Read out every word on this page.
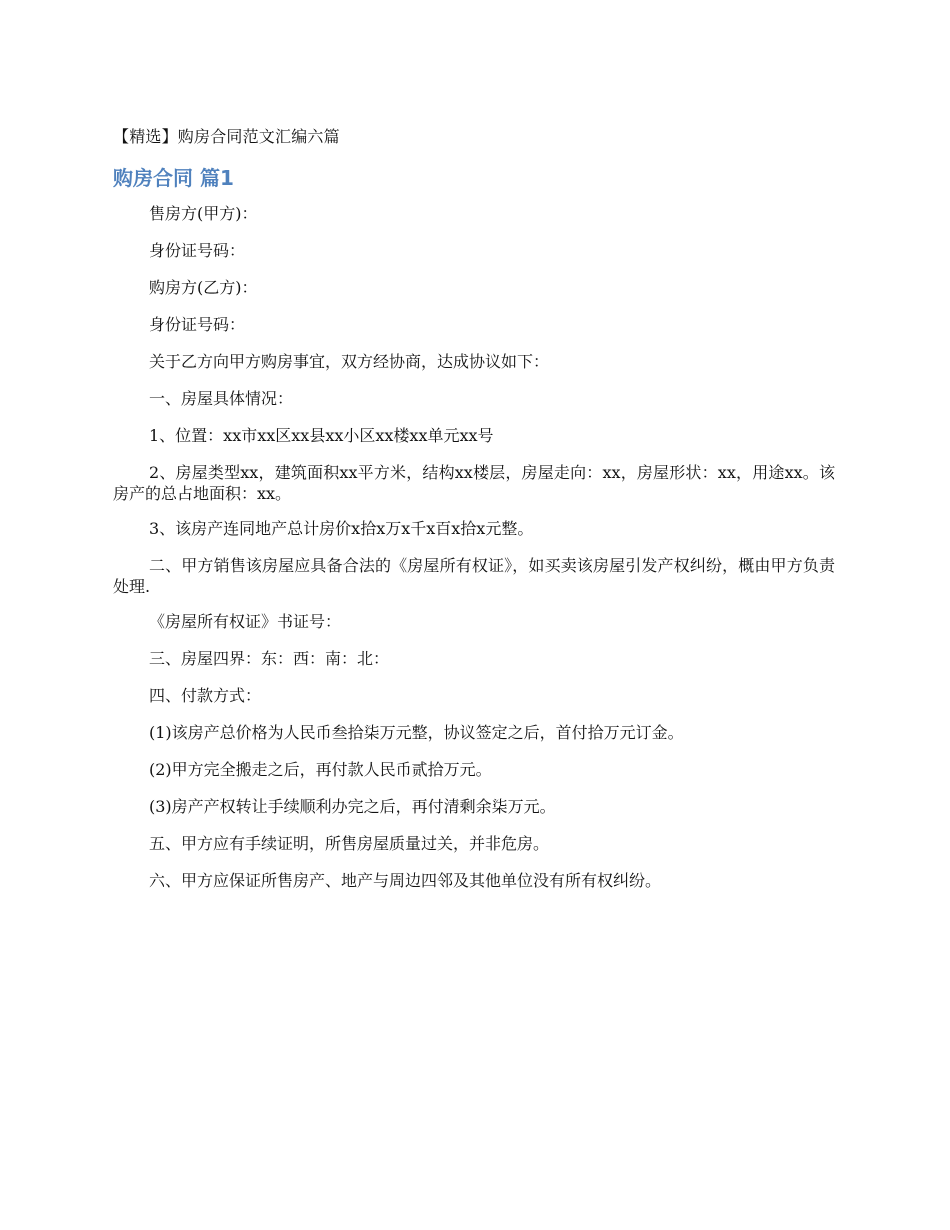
【精选】购房合同范文汇编六篇
购房合同 篇1

售房方(甲方)：

身份证号码：

购房方(乙方)：

身份证号码：

关于乙方向甲方购房事宜，双方经协商，达成协议如下：

一、房屋具体情况：

1、位置：xx市xx区xx县xx小区xx楼xx单元xx号

2、房屋类型xx，建筑面积xx平方米，结构xx楼层，房屋走向：xx，房屋形状：xx，用途xx。该房产的总占地面积：xx。

3、该房产连同地产总计房价x拾x万x千x百x拾x元整。

二、甲方销售该房屋应具备合法的《房屋所有权证》，如买卖该房屋引发产权纠纷，概由甲方负责处理.

《房屋所有权证》书证号：

三、房屋四界：东：西：南：北：

四、付款方式：

(1)该房产总价格为人民币叁拾柒万元整，协议签定之后，首付拾万元订金。

(2)甲方完全搬走之后，再付款人民币贰拾万元。

(3)房产产权转让手续顺利办完之后，再付清剩余柒万元。

五、甲方应有手续证明，所售房屋质量过关，并非危房。

六、甲方应保证所售房产、地产与周边四邻及其他单位没有所有权纠纷。
